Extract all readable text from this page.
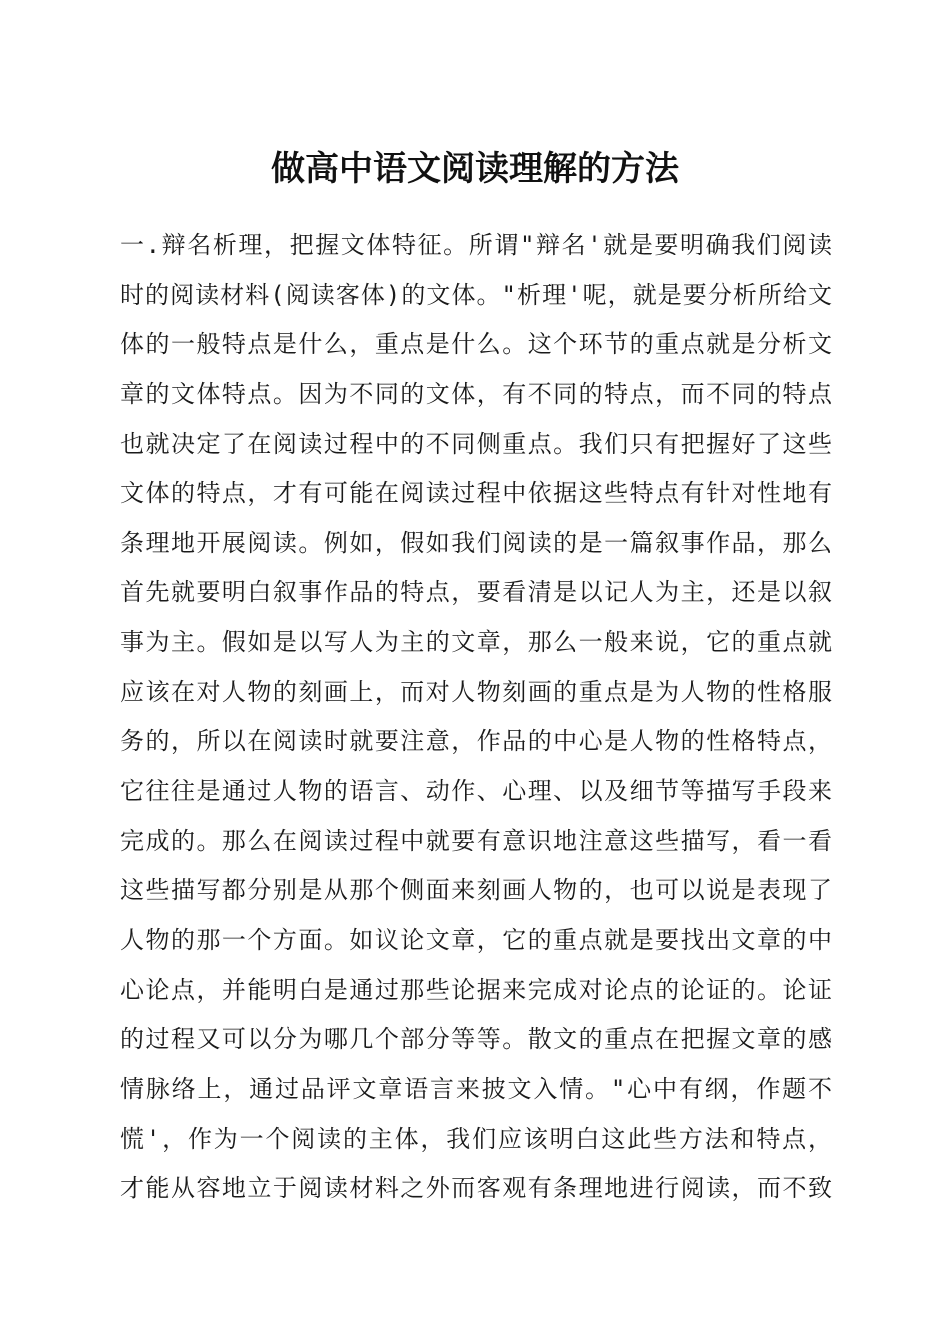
做高中语文阅读理解的方法
一.辩名析理，把握文体特征。所谓"辩名'就是要明确我们阅读
时的阅读材料(阅读客体)的文体。"析理'呢，就是要分析所给文
体的一般特点是什么，重点是什么。这个环节的重点就是分析文
章的文体特点。因为不同的文体，有不同的特点，而不同的特点
也就决定了在阅读过程中的不同侧重点。我们只有把握好了这些
文体的特点，才有可能在阅读过程中依据这些特点有针对性地有
条理地开展阅读。例如，假如我们阅读的是一篇叙事作品，那么
首先就要明白叙事作品的特点，要看清是以记人为主，还是以叙
事为主。假如是以写人为主的文章，那么一般来说，它的重点就
应该在对人物的刻画上，而对人物刻画的重点是为人物的性格服
务的，所以在阅读时就要注意，作品的中心是人物的性格特点，
它往往是通过人物的语言、动作、心理、以及细节等描写手段来
完成的。那么在阅读过程中就要有意识地注意这些描写，看一看
这些描写都分别是从那个侧面来刻画人物的，也可以说是表现了
人物的那一个方面。如议论文章，它的重点就是要找出文章的中
心论点，并能明白是通过那些论据来完成对论点的论证的。论证
的过程又可以分为哪几个部分等等。散文的重点在把握文章的感
情脉络上，通过品评文章语言来披文入情。"心中有纲，作题不
慌'，作为一个阅读的主体，我们应该明白这此些方法和特点，
才能从容地立于阅读材料之外而客观有条理地进行阅读，而不致
